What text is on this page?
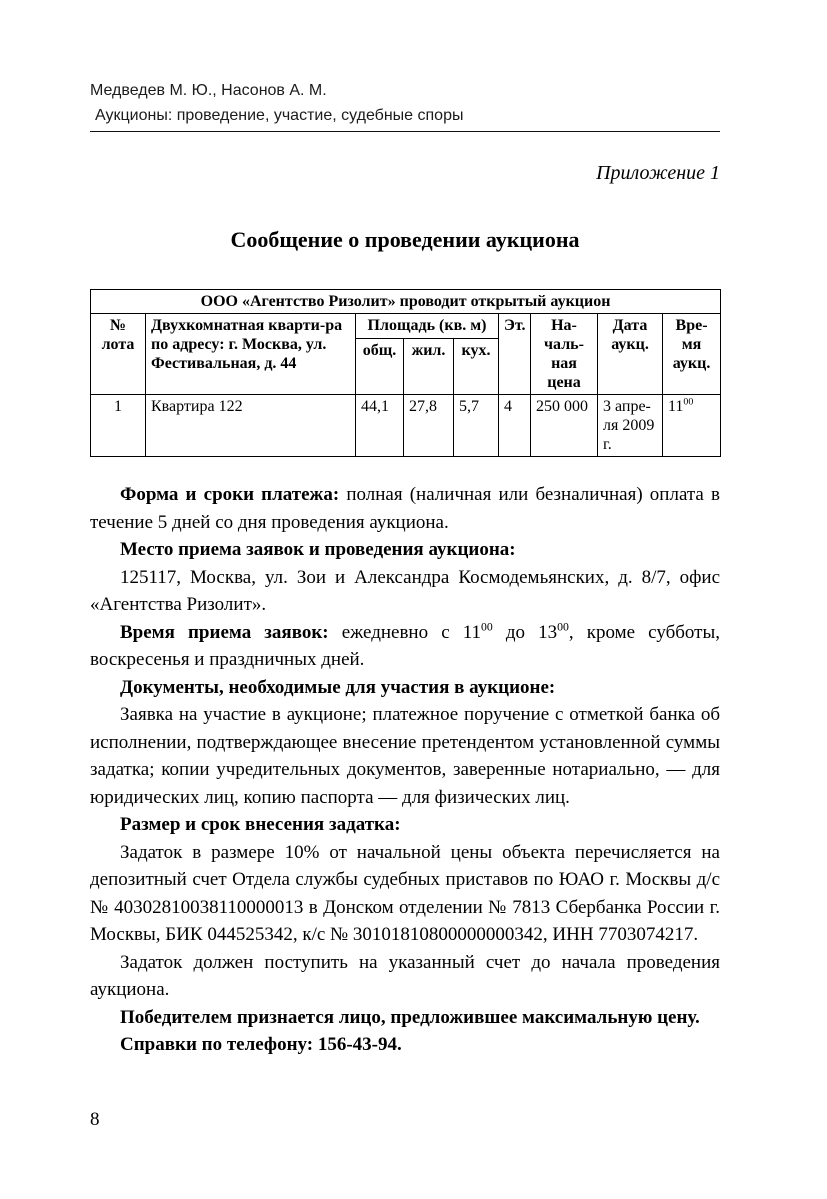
Медведев М. Ю., Насонов А. М.
Аукционы: проведение, участие, судебные споры
Приложение 1
Сообщение о проведении аукциона
ООО «Агентство Ризолит» проводит открытый аукцион								
№ лота	Двухкомнатная кварти-ра по адресу: г. Москва, ул. Фестивальная, д. 44	Площадь (кв. м)			Эт.	На-чаль-ная цена	Дата аукц.	Вре-мя аукц.
		общ.	жил.	кух.				
1	Квартира 122	44,1	27,8	5,7	4	250 000	3 апре-ля 2009 г.	$11^{00}$

Форма и сроки платежа: полная (наличная или безналичная) оплата в течение 5 дней со дня проведения аукциона.

Место приема заявок и проведения аукциона:

125117, Москва, ул. Зои и Александра Космодемьянских, д. 8/7, офис «Агентства Ризолит».

Время приема заявок: ежедневно с $11^{00}$ до $13^{00}$, кроме субботы, воскресенья и праздничных дней.

Документы, необходимые для участия в аукционе:

Заявка на участие в аукционе; платежное поручение с отметкой банка об исполнении, подтверждающее внесение претендентом установленной суммы задатка; копии учредительных документов, заверенные нотариально, — для юридических лиц, копию паспорта — для физических лиц.

Размер и срок внесения задатка:

Задаток в размере 10% от начальной цены объекта перечисляется на депозитный счет Отдела службы судебных приставов по ЮАО г. Москвы д/с № 40302810038110000013 в Донском отделении № 7813 Сбербанка России г. Москвы, БИК 044525342, к/с № 30101810800000000342, ИНН 7703074217.

Задаток должен поступить на указанный счет до начала проведения аукциона.

Победителем признается лицо, предложившее максимальную цену.

Справки по телефону: 156-43-94.

8
